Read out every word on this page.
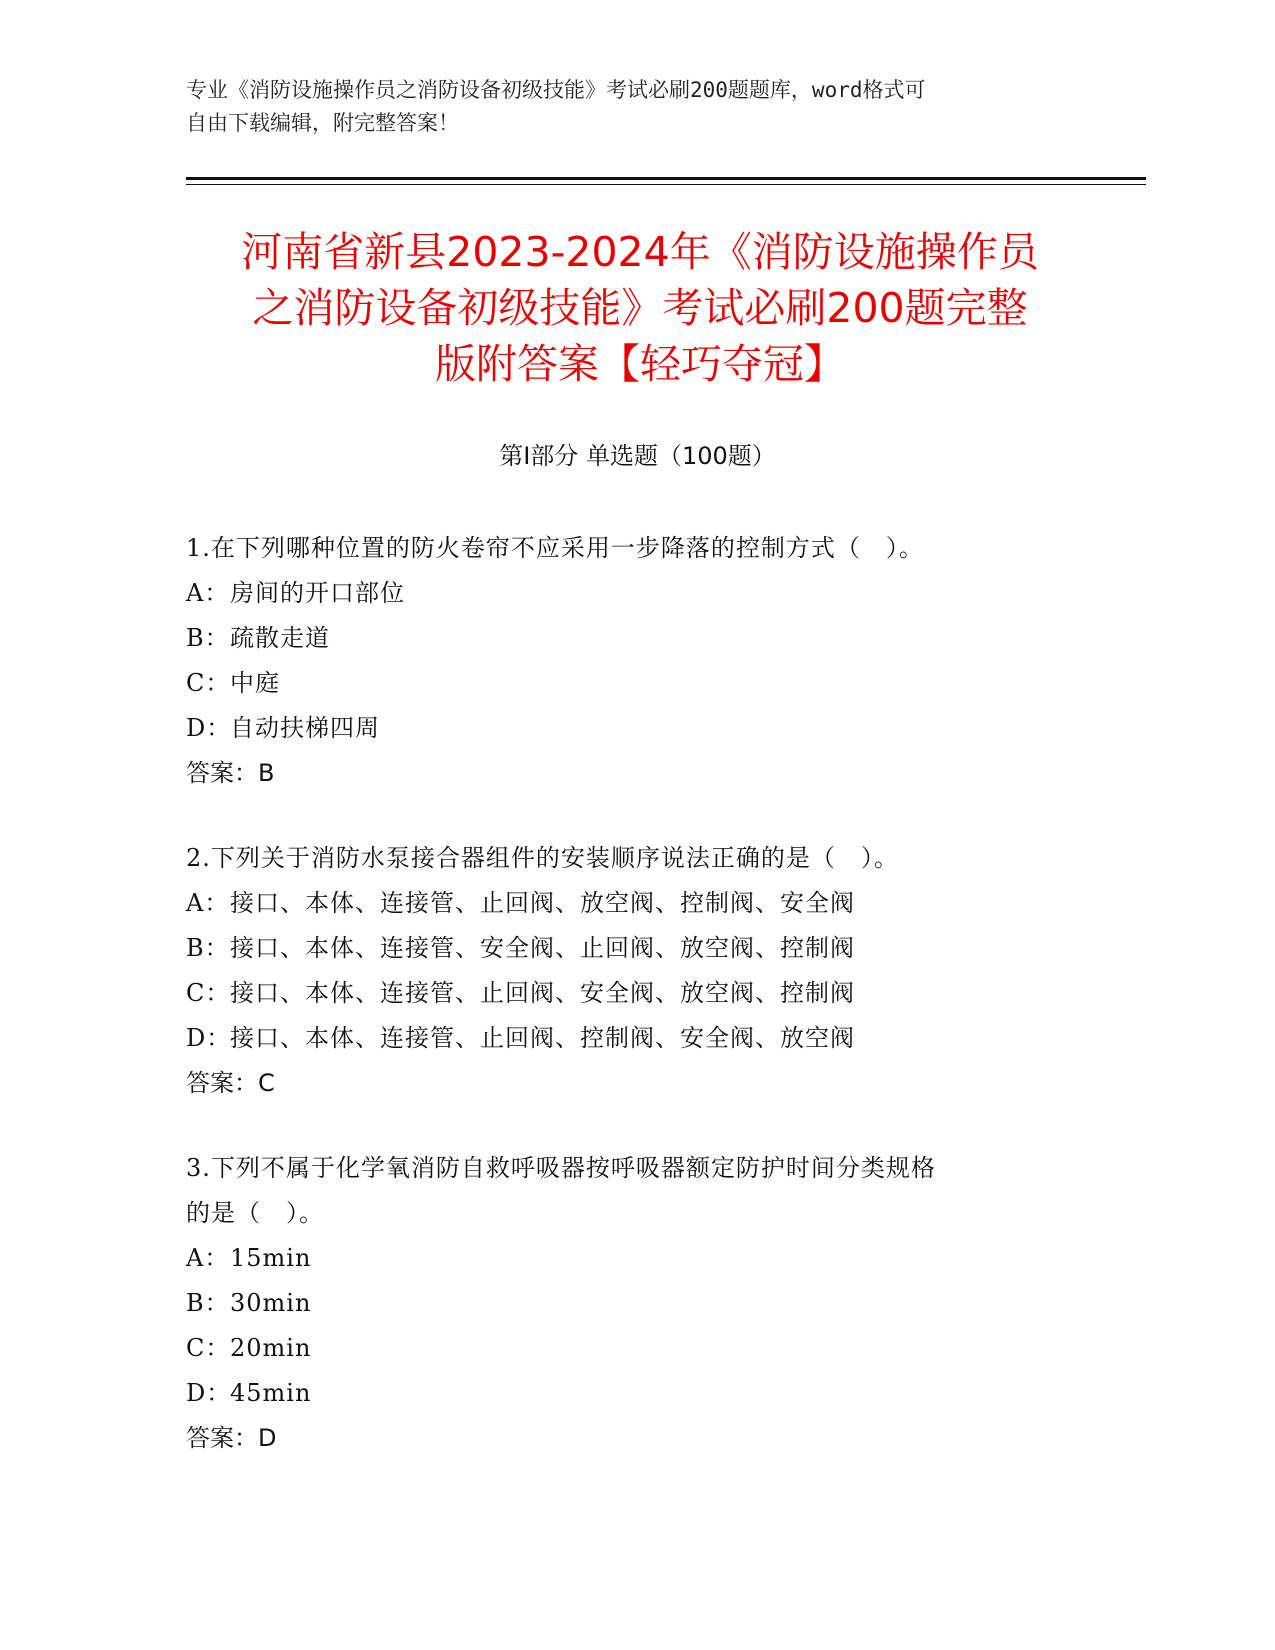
专业《消防设施操作员之消防设备初级技能》考试必刷200题题库，word格式可
自由下载编辑，附完整答案！
河南省新县2023-2024年《消防设施操作员
之消防设备初级技能》考试必刷200题完整
版附答案【轻巧夺冠】
第Ⅰ部分 单选题（100题）
1.在下列哪种位置的防火卷帘不应采用一步降落的控制方式（　）。
A：房间的开口部位
B：疏散走道
C：中庭
D：自动扶梯四周
答案：B
2.下列关于消防水泵接合器组件的安装顺序说法正确的是（　）。
A：接口、本体、连接管、止回阀、放空阀、控制阀、安全阀
B：接口、本体、连接管、安全阀、止回阀、放空阀、控制阀
C：接口、本体、连接管、止回阀、安全阀、放空阀、控制阀
D：接口、本体、连接管、止回阀、控制阀、安全阀、放空阀
答案：C
3.下列不属于化学氧消防自救呼吸器按呼吸器额定防护时间分类规格
的是（　）。
A：15min
B：30min
C：20min
D：45min
答案：D
